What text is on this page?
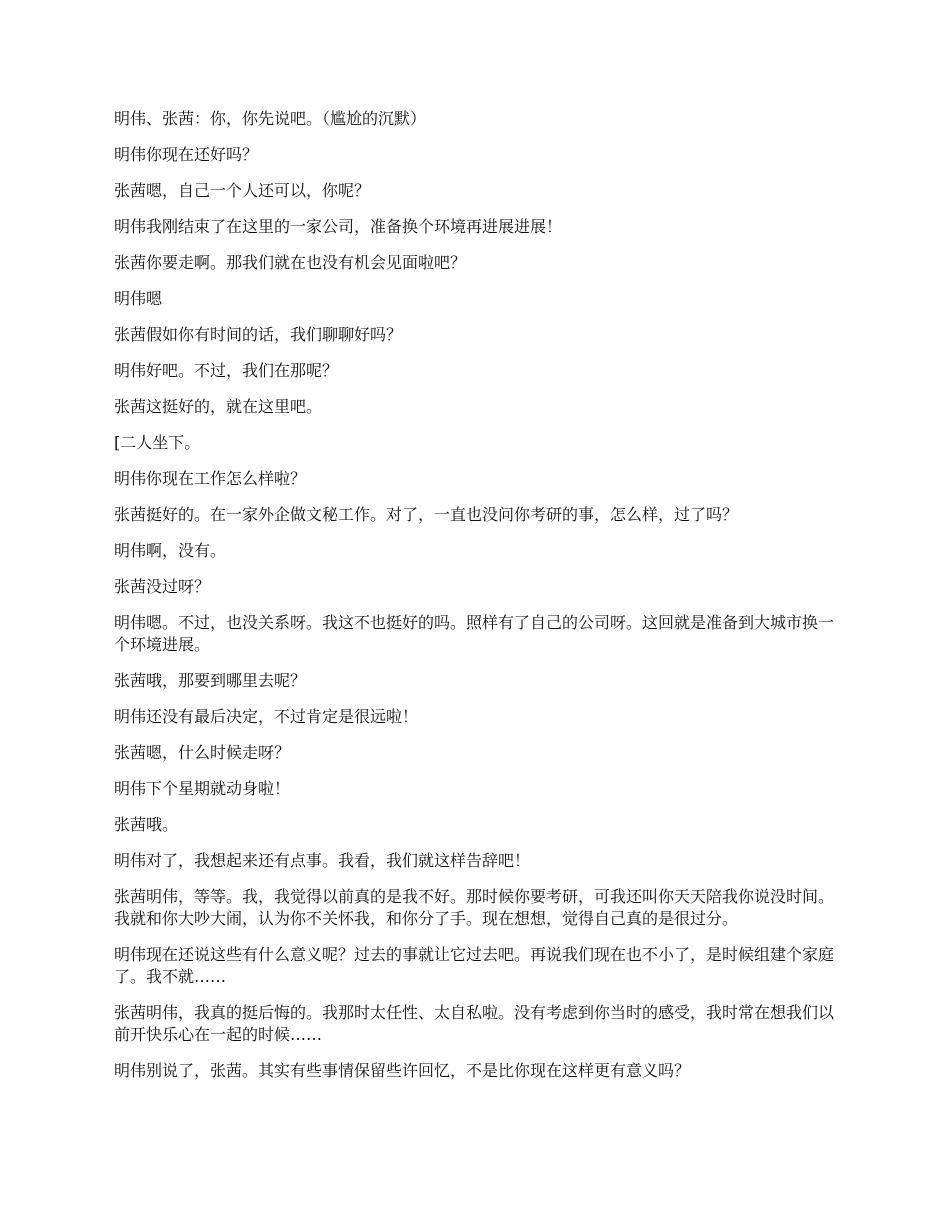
明伟、张茜：你，你先说吧。（尴尬的沉默）

明伟你现在还好吗？

张茜嗯，自己一个人还可以，你呢？

明伟我刚结束了在这里的一家公司，准备换个环境再进展进展！

张茜你要走啊。那我们就在也没有机会见面啦吧？

明伟嗯

张茜假如你有时间的话，我们聊聊好吗？

明伟好吧。不过，我们在那呢？

张茜这挺好的，就在这里吧。

[二人坐下。

明伟你现在工作怎么样啦？

张茜挺好的。在一家外企做文秘工作。对了，一直也没问你考研的事，怎么样，过了吗？

明伟啊，没有。

张茜没过呀？

明伟嗯。不过，也没关系呀。我这不也挺好的吗。照样有了自己的公司呀。这回就是准备到大城市换一个环境进展。

张茜哦，那要到哪里去呢？

明伟还没有最后决定，不过肯定是很远啦！

张茜嗯，什么时候走呀？

明伟下个星期就动身啦！

张茜哦。

明伟对了，我想起来还有点事。我看，我们就这样告辞吧！

张茜明伟，等等。我，我觉得以前真的是我不好。那时候你要考研，可我还叫你天天陪我你说没时间。我就和你大吵大闹，认为你不关怀我，和你分了手。现在想想，觉得自己真的是很过分。

明伟现在还说这些有什么意义呢？过去的事就让它过去吧。再说我们现在也不小了，是时候组建个家庭了。我不就……

张茜明伟，我真的挺后悔的。我那时太任性、太自私啦。没有考虑到你当时的感受，我时常在想我们以前开快乐心在一起的时候……

明伟别说了，张茜。其实有些事情保留些许回忆，不是比你现在这样更有意义吗？
